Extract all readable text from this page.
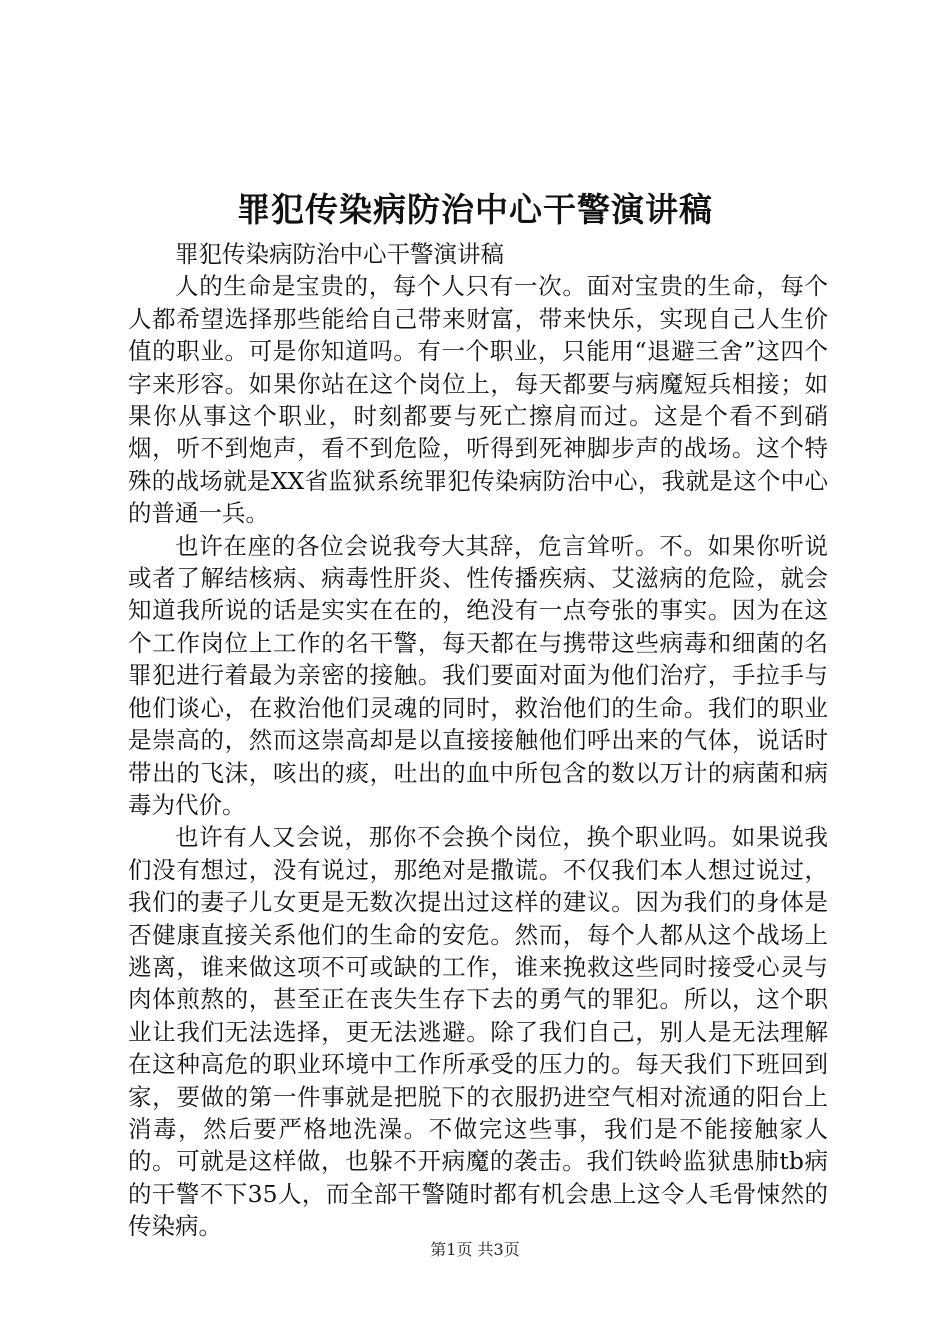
罪犯传染病防治中心干警演讲稿

罪犯传染病防治中心干警演讲稿

人的生命是宝贵的，每个人只有一次。面对宝贵的生命，每个人都希望选择那些能给自己带来财富，带来快乐，实现自己人生价值的职业。可是你知道吗。有一个职业，只能用“退避三舍”这四个字来形容。如果你站在这个岗位上，每天都要与病魔短兵相接；如果你从事这个职业，时刻都要与死亡擦肩而过。这是个看不到硝烟，听不到炮声，看不到危险，听得到死神脚步声的战场。这个特殊的战场就是XX省监狱系统罪犯传染病防治中心，我就是这个中心的普通一兵。

也许在座的各位会说我夸大其辞，危言耸听。不。如果你听说或者了解结核病、病毒性肝炎、性传播疾病、艾滋病的危险，就会知道我所说的话是实实在在的，绝没有一点夸张的事实。因为在这个工作岗位上工作的名干警，每天都在与携带这些病毒和细菌的名罪犯进行着最为亲密的接触。我们要面对面为他们治疗，手拉手与他们谈心，在救治他们灵魂的同时，救治他们的生命。我们的职业是崇高的，然而这崇高却是以直接接触他们呼出来的气体，说话时带出的飞沫，咳出的痰，吐出的血中所包含的数以万计的病菌和病毒为代价。

也许有人又会说，那你不会换个岗位，换个职业吗。如果说我们没有想过，没有说过，那绝对是撒谎。不仅我们本人想过说过，我们的妻子儿女更是无数次提出过这样的建议。因为我们的身体是否健康直接关系他们的生命的安危。然而，每个人都从这个战场上逃离，谁来做这项不可或缺的工作，谁来挽救这些同时接受心灵与肉体煎熬的，甚至正在丧失生存下去的勇气的罪犯。所以，这个职业让我们无法选择，更无法逃避。除了我们自己，别人是无法理解在这种高危的职业环境中工作所承受的压力的。每天我们下班回到家，要做的第一件事就是把脱下的衣服扔进空气相对流通的阳台上消毒，然后要严格地洗澡。不做完这些事，我们是不能接触家人的。可就是这样做，也躲不开病魔的袭击。我们铁岭监狱患肺tb病的干警不下35人，而全部干警随时都有机会患上这令人毛骨悚然的传染病。

第1页 共3页
